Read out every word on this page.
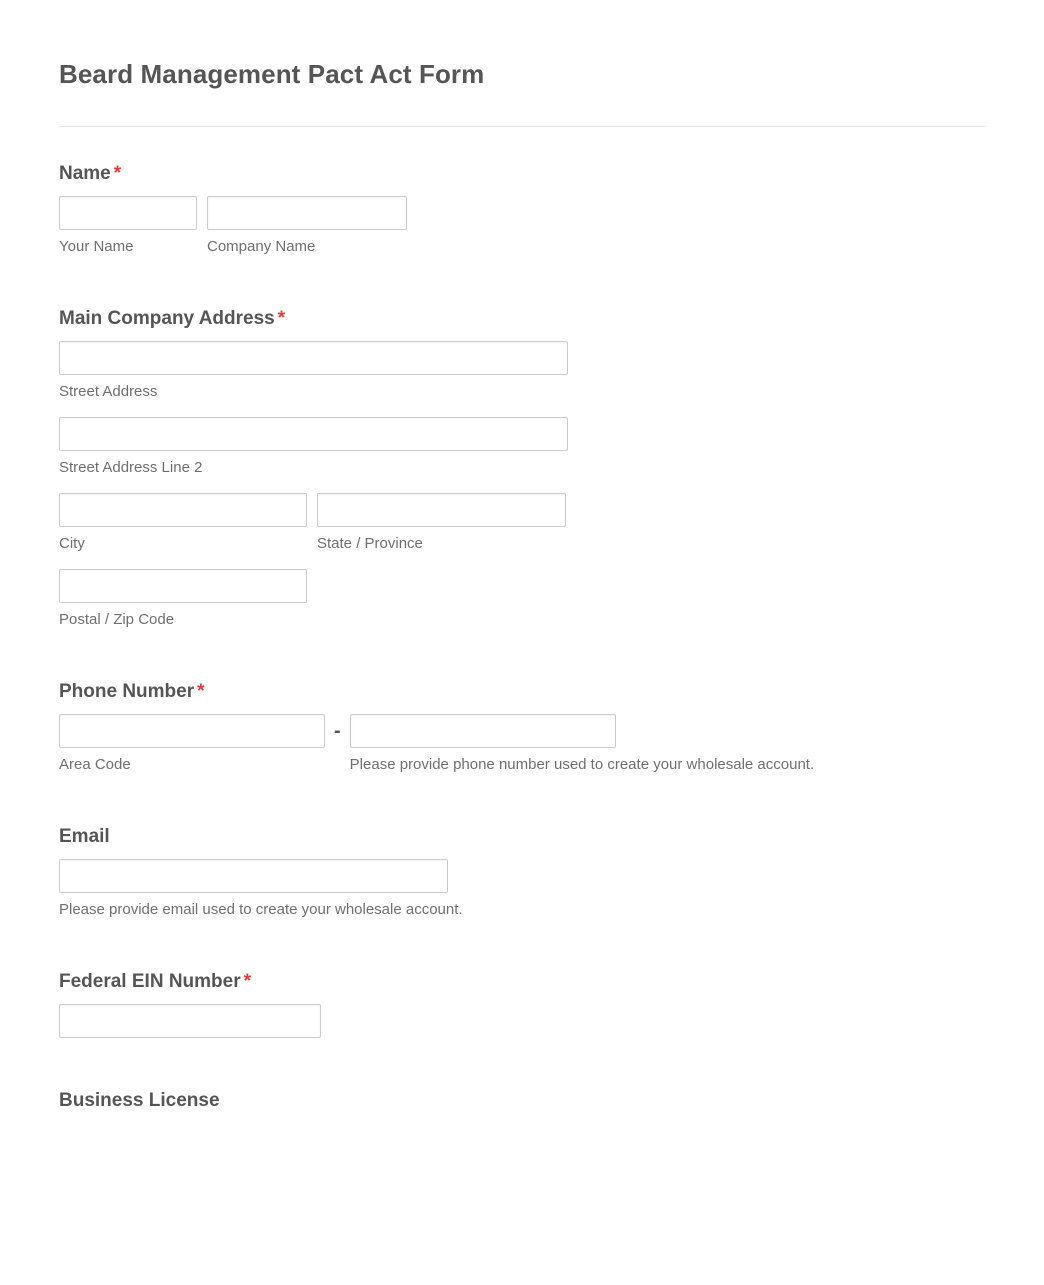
Beard Management Pact Act Form
Name *
Your Name	Company Name
Main Company Address *
Street Address
Street Address Line 2
City	State / Province
Postal / Zip Code
Phone Number *
Area Code
-
Please provide phone number used to create your wholesale account.
Email
Please provide email used to create your wholesale account.
Federal EIN Number *
Business License
